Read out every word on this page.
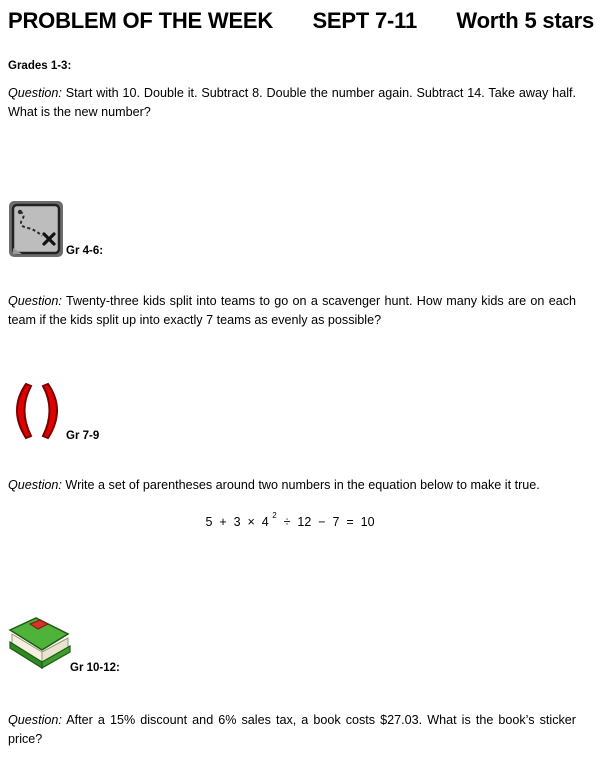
PROBLEM OF THE WEEK SEPT 7-11 Worth 5 stars
Grades 1-3:
Question: Start with 10. Double it. Subtract 8. Double the number again. Subtract 14. Take away half. What is the new number?
Gr 4-6:
Question: Twenty-three kids split into teams to go on a scavenger hunt. How many kids are on each team if the kids split up into exactly 7 teams as evenly as possible?
Gr 7-9
Question: Write a set of parentheses around two numbers in the equation below to make it true.
5  +  3  ×  4 $^2$  ÷  12  −  7  =  10
Gr 10-12:
Question: After a 15% discount and 6% sales tax, a book costs $27.03. What is the book’s sticker price?
